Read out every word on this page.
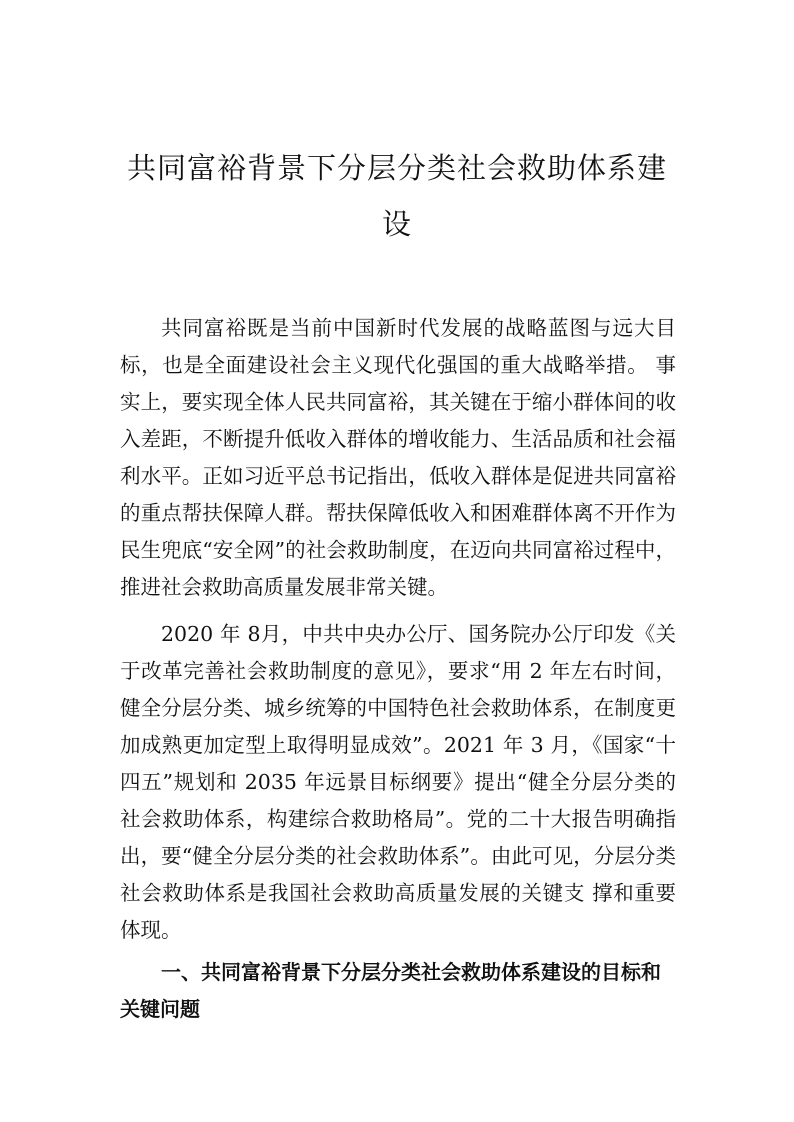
共同富裕背景下分层分类社会救助体系建设

共同富裕既是当前中国新时代发展的战略蓝图与远大目标，也是全面建设社会主义现代化强国的重大战略举措。 事实上，要实现全体人民共同富裕，其关键在于缩小群体间的收入差距，不断提升低收入群体的增收能力、生活品质和社会福利水平。正如习近平总书记指出，低收入群体是促进共同富裕的重点帮扶保障人群。帮扶保障低收入和困难群体离不开作为民生兜底“安全网”的社会救助制度，在迈向共同富裕过程中，推进社会救助高质量发展非常关键。

2020 年 8月，中共中央办公厅、国务院办公厅印发《关于改革完善社会救助制度的意见》，要求“用 2 年左右时间，健全分层分类、城乡统筹的中国特色社会救助体系，在制度更加成熟更加定型上取得明显成效”。2021 年 3 月，《国家“十四五”规划和 2035 年远景目标纲要》提出“健全分层分类的社会救助体系，构建综合救助格局”。党的二十大报告明确指出，要“健全分层分类的社会救助体系”。由此可见，分层分类社会救助体系是我国社会救助高质量发展的关键支 撑和重要体现。

一、共同富裕背景下分层分类社会救助体系建设的目标和关键问题
